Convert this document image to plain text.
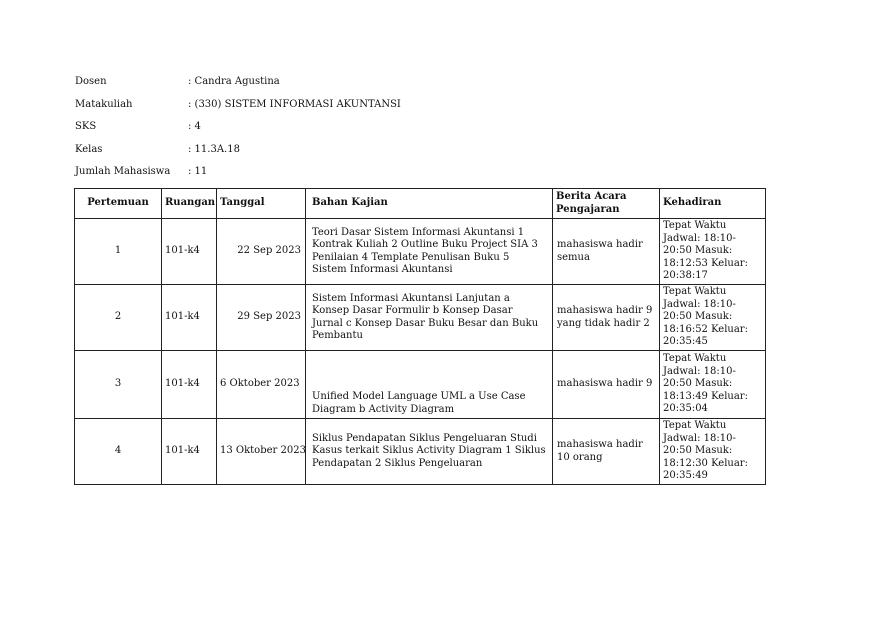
Dosen	: Candra Agustina
Matakuliah	: (330) SISTEM INFORMASI AKUNTANSI
SKS	: 4
Kelas	: 11.3A.18
Jumlah Mahasiswa	: 11
Pertemuan	Ruangan	Tanggal	Bahan Kajian	Berita Acara Pengajaran	Kehadiran
1	101-k4	22 Sep 2023	Teori Dasar Sistem Informasi Akuntansi 1 Kontrak Kuliah 2 Outline Buku Project SIA 3 Penilaian 4 Template Penulisan Buku 5 Sistem Informasi Akuntansi	mahasiswa hadir semua	Tepat Waktu Jadwal: 18:10- 20:50 Masuk: 18:12:53 Keluar: 20:38:17
2	101-k4	29 Sep 2023	Sistem Informasi Akuntansi Lanjutan a Konsep Dasar Formulir b Konsep Dasar Jurnal c Konsep Dasar Buku Besar dan Buku Pembantu	mahasiswa hadir 9 yang tidak hadir 2	Tepat Waktu Jadwal: 18:10- 20:50 Masuk: 18:16:52 Keluar: 20:35:45
3	101-k4	6 Oktober 2023	Unified Model Language UML a Use Case Diagram b Activity Diagram	mahasiswa hadir 9	Tepat Waktu Jadwal: 18:10- 20:50 Masuk: 18:13:49 Keluar: 20:35:04
4	101-k4	13 Oktober 2023	Siklus Pendapatan Siklus Pengeluaran Studi Kasus terkait Siklus Activity Diagram 1 Siklus Pendapatan 2 Siklus Pengeluaran	mahasiswa hadir 10 orang	Tepat Waktu Jadwal: 18:10- 20:50 Masuk: 18:12:30 Keluar: 20:35:49
